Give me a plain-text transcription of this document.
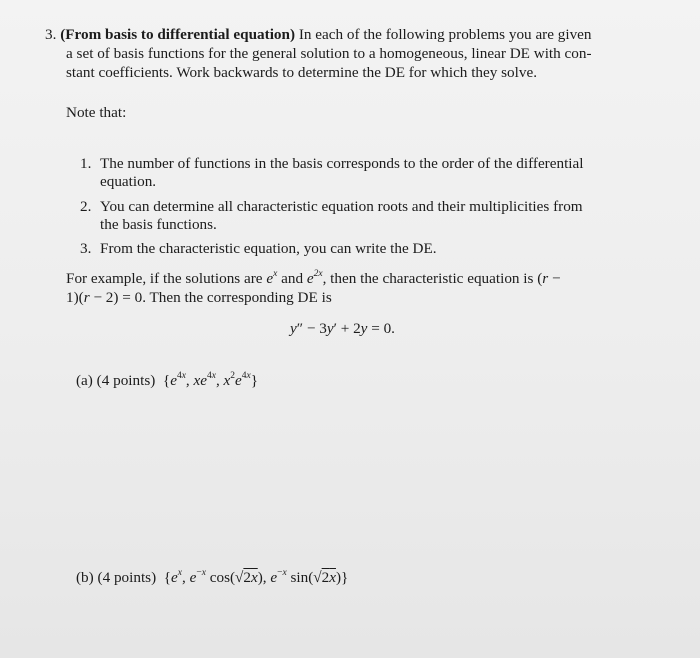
3. (From basis to differential equation) In each of the following problems you are given
a set of basis functions for the general solution to a homogeneous, linear DE with con-
stant coefficients. Work backwards to determine the DE for which they solve.
Note that:
1. The number of functions in the basis corresponds to the order of the differential
equation.
2. You can determine all characteristic equation roots and their multiplicities from
the basis functions.
3. From the characteristic equation, you can write the DE.
For example, if the solutions are $e^x$ and $e^{2x}$, then the characteristic equation is (r −
1)(r − 2) = 0. Then the corresponding DE is
y″ − 3y′ + 2y = 0.
(a) (4 points)  {$e^{4x}$, $xe^{4x}$, $x^2e^{4x}$}
(b) (4 points)  {$e^x$, $e^{-x}$ cos(√2x), $e^{-x}$ sin(√2x)}
